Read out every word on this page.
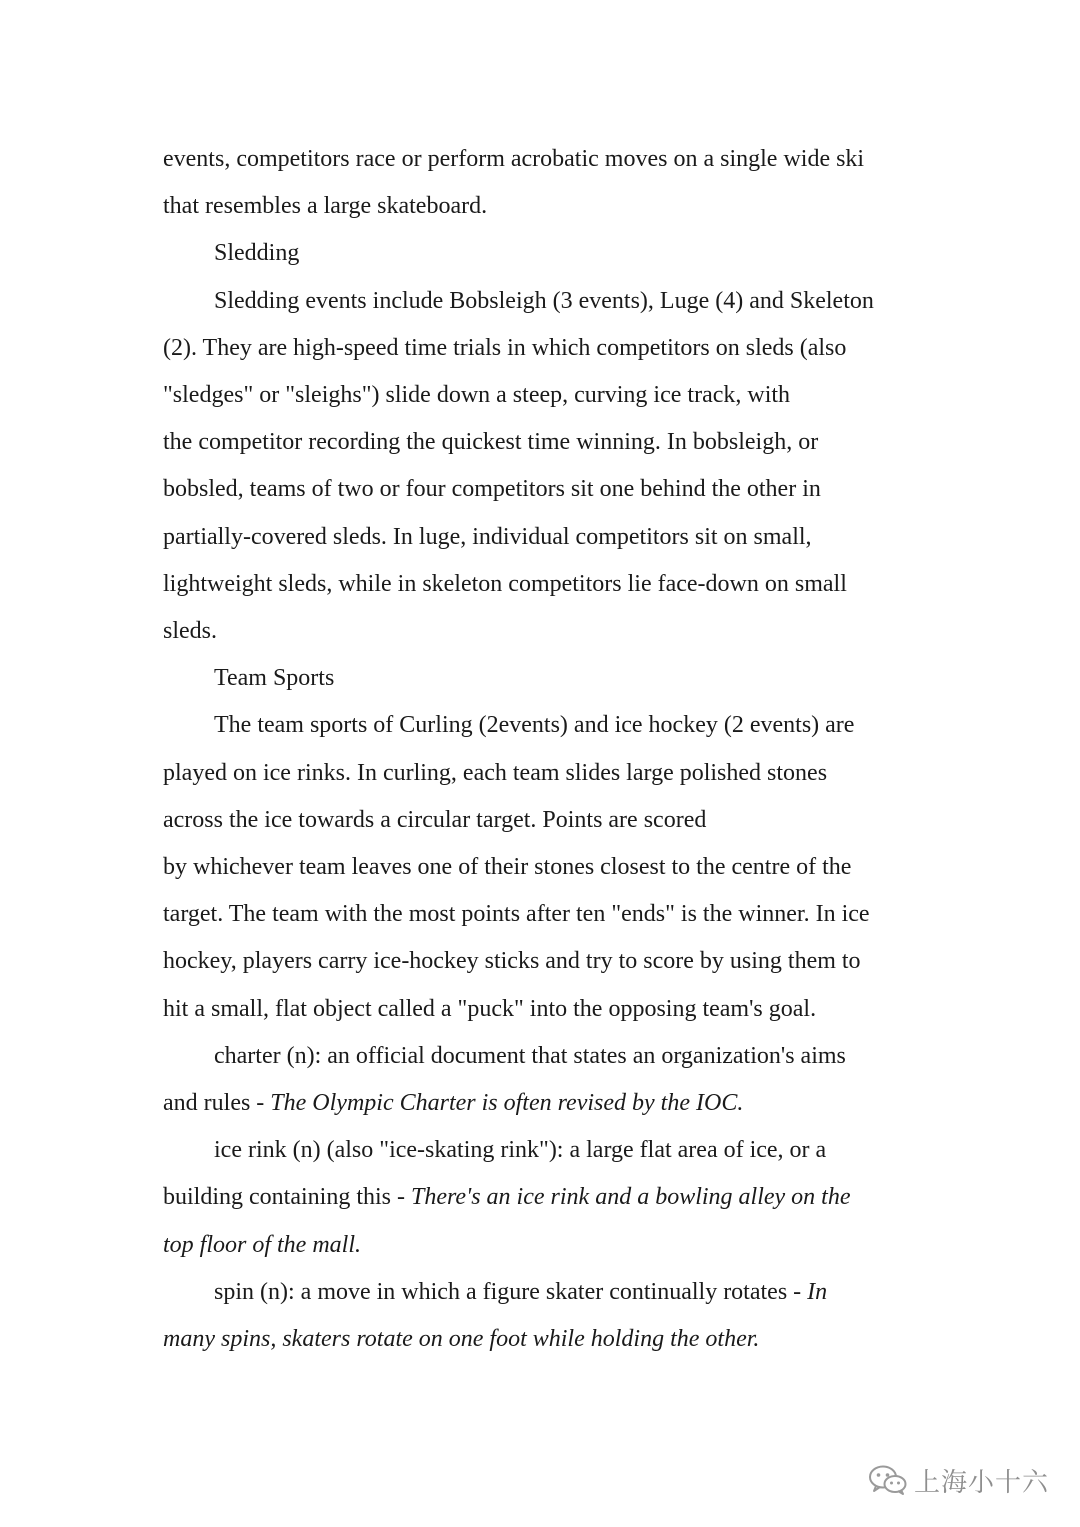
events, competitors race or perform acrobatic moves on a single wide ski
that resembles a large skateboard.
Sledding
Sledding events include Bobsleigh (3 events), Luge (4) and Skeleton
(2). They are high-speed time trials in which competitors on sleds (also
"sledges" or "sleighs") slide down a steep, curving ice track, with
the competitor recording the quickest time winning. In bobsleigh, or
bobsled, teams of two or four competitors sit one behind the other in
partially-covered sleds. In luge, individual competitors sit on small,
lightweight sleds, while in skeleton competitors lie face-down on small
sleds.
Team Sports
The team sports of Curling (2events) and ice hockey (2 events) are
played on ice rinks. In curling, each team slides large polished stones
across the ice towards a circular target. Points are scored
by whichever team leaves one of their stones closest to the centre of the
target. The team with the most points after ten "ends" is the winner. In ice
hockey, players carry ice-hockey sticks and try to score by using them to
hit a small, flat object called a "puck" into the opposing team's goal.
charter (n): an official document that states an organization's aims
and rules - The Olympic Charter is often revised by the IOC.
ice rink (n) (also "ice-skating rink"): a large flat area of ice, or a
building containing this - There's an ice rink and a bowling alley on the
top floor of the mall.
spin (n): a move in which a figure skater continually rotates - In
many spins, skaters rotate on one foot while holding the other.
上海小十六
